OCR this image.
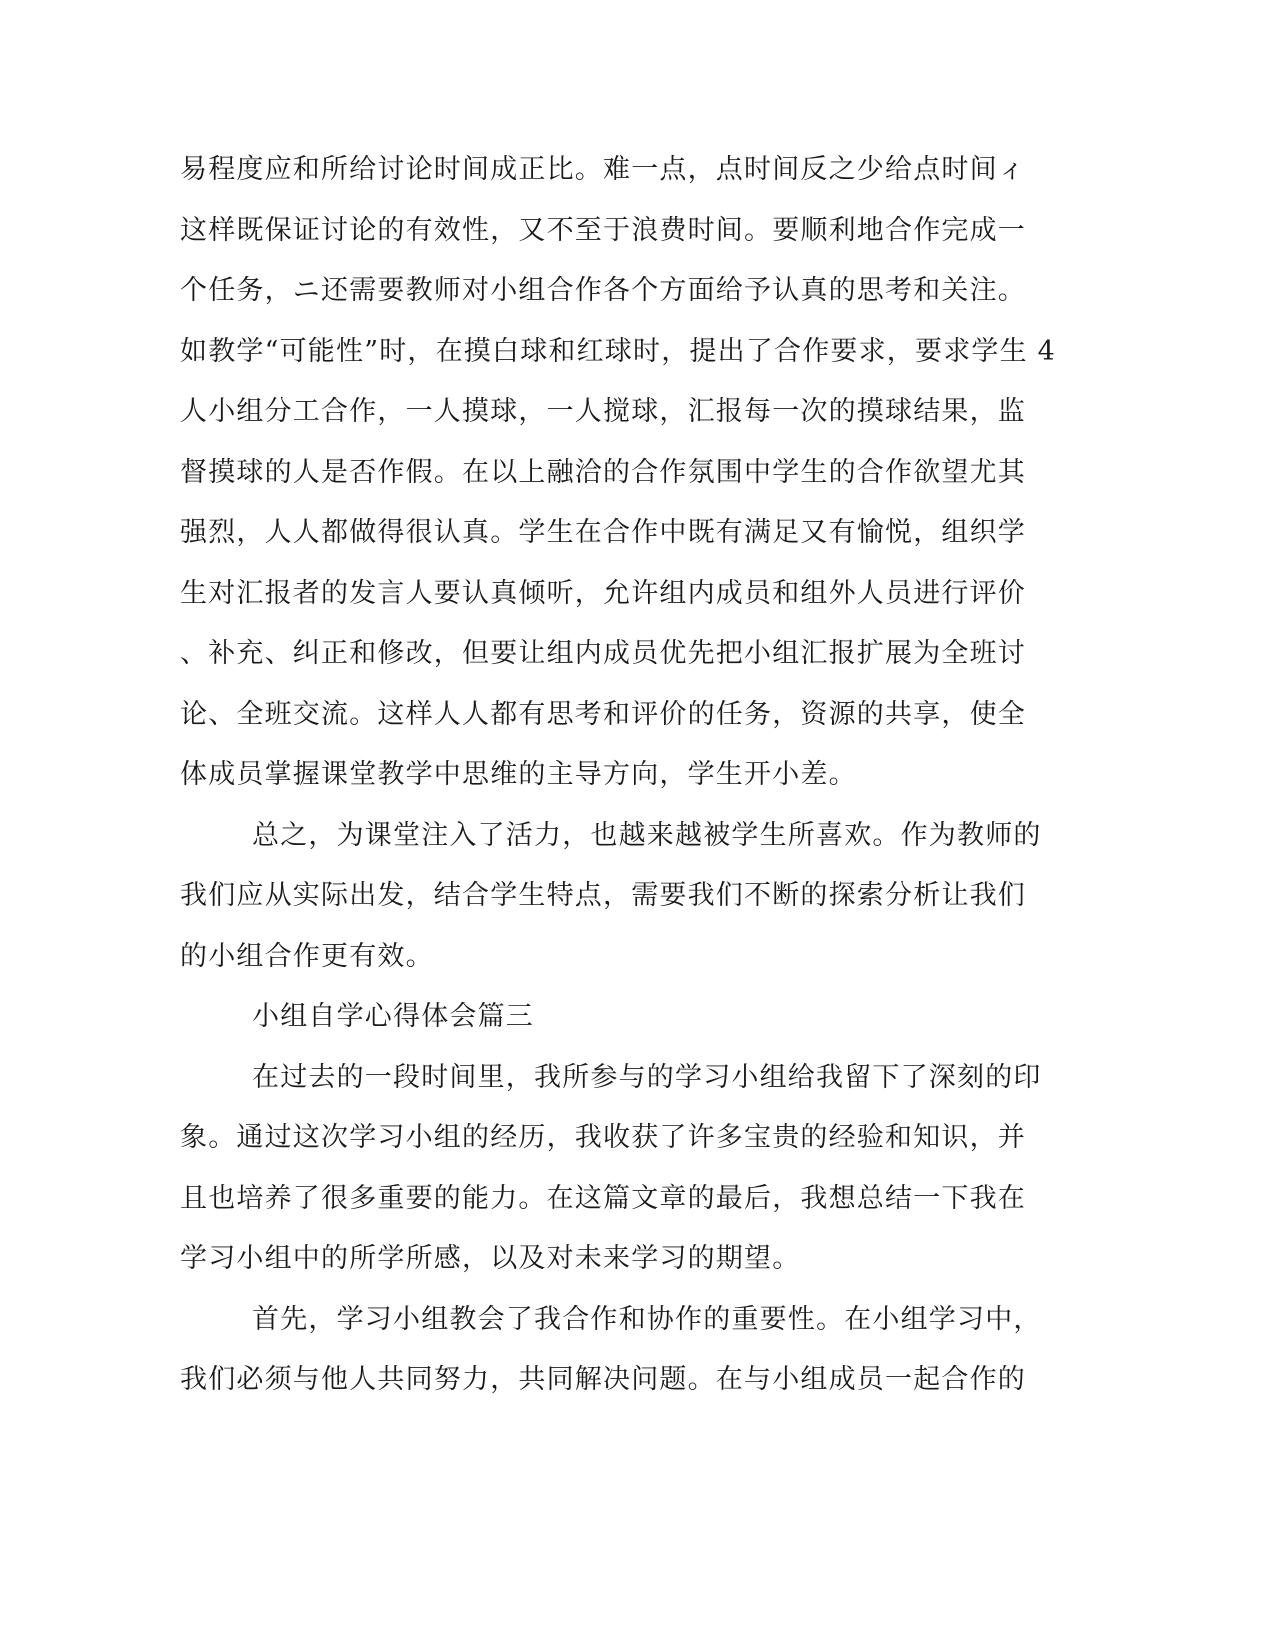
易程度应和所给讨论时间成正比。难一点，点时间反之少给点时间ィ
这样既保证讨论的有效性，又不至于浪费时间。要顺利地合作完成一
个任务，ニ还需要教师对小组合作各个方面给予认真的思考和关注。
如教学“可能性”时，在摸白球和红球时，提出了合作要求，要求学生 4
人小组分工合作，一人摸球，一人搅球，汇报每一次的摸球结果，监
督摸球的人是否作假。在以上融洽的合作氛围中学生的合作欲望尤其
强烈，人人都做得很认真。学生在合作中既有满足又有愉悦，组织学
生对汇报者的发言人要认真倾听，允许组内成员和组外人员进行评价
、补充、纠正和修改，但要让组内成员优先把小组汇报扩展为全班讨
论、全班交流。这样人人都有思考和评价的任务，资源的共享，使全
体成员掌握课堂教学中思维的主导方向，学生开小差。
总之，为课堂注入了活力，也越来越被学生所喜欢。作为教师的
我们应从实际出发，结合学生特点，需要我们不断的探索分析让我们
的小组合作更有效。
小组自学心得体会篇三
在过去的一段时间里，我所参与的学习小组给我留下了深刻的印
象。通过这次学习小组的经历，我收获了许多宝贵的经验和知识，并
且也培养了很多重要的能力。在这篇文章的最后，我想总结一下我在
学习小组中的所学所感，以及对未来学习的期望。
首先，学习小组教会了我合作和协作的重要性。在小组学习中，
我们必须与他人共同努力，共同解决问题。在与小组成员一起合作的
